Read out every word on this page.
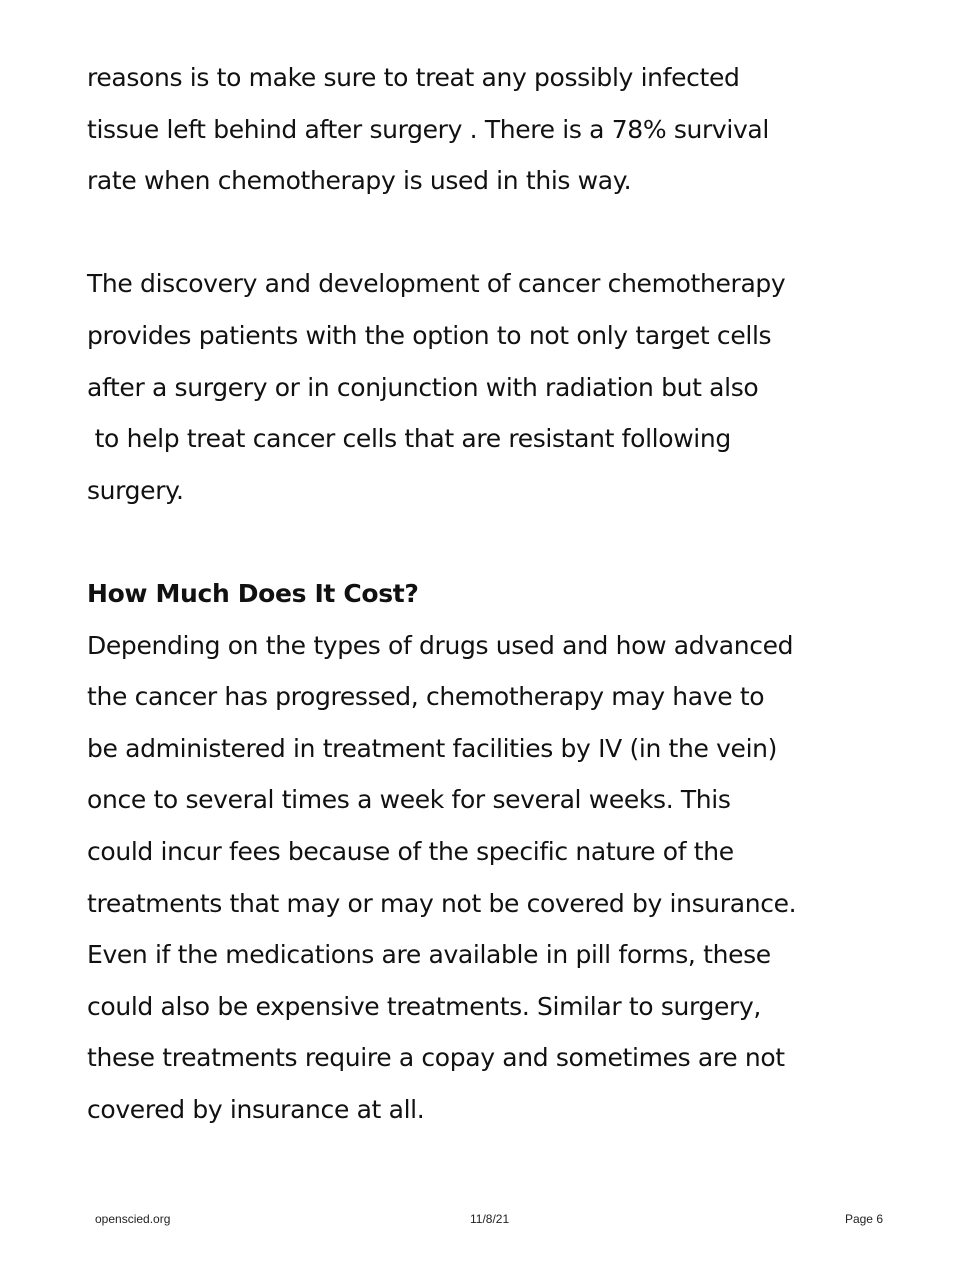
reasons is to make sure to treat any possibly infected
tissue left behind after surgery . There is a 78% survival
rate when chemotherapy is used in this way.
The discovery and development of cancer chemotherapy
provides patients with the option to not only target cells
after a surgery or in conjunction with radiation but also
to help treat cancer cells that are resistant following
surgery.
How Much Does It Cost?
Depending on the types of drugs used and how advanced
the cancer has progressed, chemotherapy may have to
be administered in treatment facilities by IV (in the vein)
once to several times a week for several weeks. This
could incur fees because of the specific nature of the
treatments that may or may not be covered by insurance.
Even if the medications are available in pill forms, these
could also be expensive treatments. Similar to surgery,
these treatments require a copay and sometimes are not
covered by insurance at all.
openscied.org	11/8/21	Page 6
